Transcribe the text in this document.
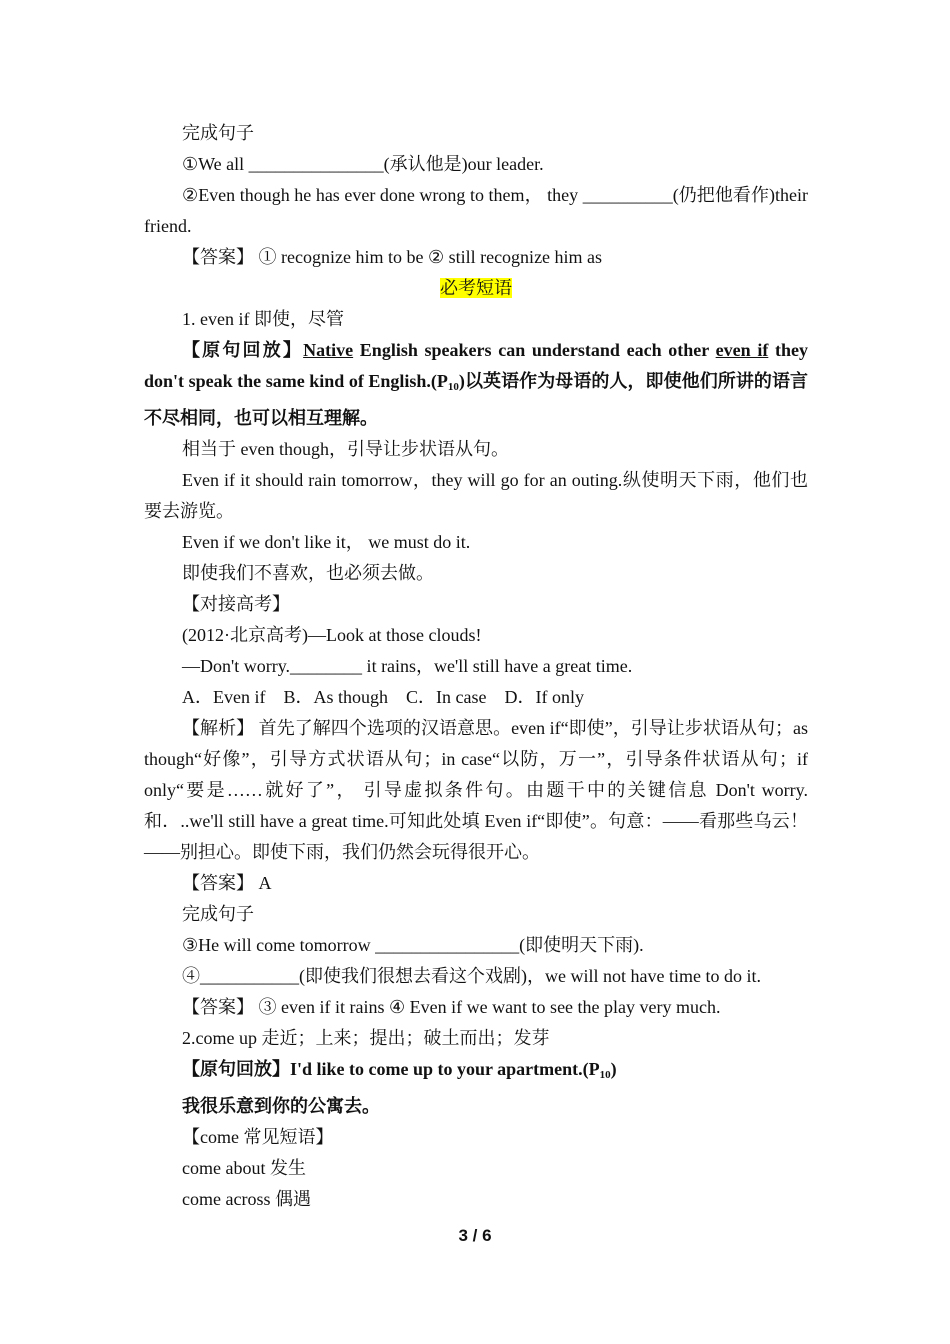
完成句子

①We all _______________(承认他是)our leader.

②Even though he has ever done wrong to them， they __________(仍把他看作)their friend.

【答案】 ① recognize him to be ② still recognize him as

必考短语

1. even if 即使，尽管

【原句回放】Native English speakers can understand each other even if they don't speak the same kind of $English.(P_{10})$以英语作为母语的人，即使他们所讲的语言不尽相同，也可以相互理解。

相当于 even though，引导让步状语从句。

Even if it should rain tomorrow，they will go for an outing.纵使明天下雨，他们也要去游览。

Even if we don't like it， we must do it.

即使我们不喜欢，也必须去做。

【对接高考】

(2012·北京高考)—Look at those clouds!

—Don't worry.________ it rains，we'll still have a great time.

A．Even if　B．As though　C．In case　D．If only

【解析】 首先了解四个选项的汉语意思。even if“即使”，引导让步状语从句；as though“好像”，引导方式状语从句；in case“以防，万一”，引导条件状语从句；if only“要是……就好了”， 引导虚拟条件句。由题干中的关键信息 Don't worry.和．..we'll still have a great time.可知此处填 Even if“即使”。句意：——看那些乌云！——别担心。即使下雨，我们仍然会玩得很开心。

【答案】 A

完成句子

③He will come tomorrow ________________(即使明天下雨).

④___________(即使我们很想去看这个戏剧)，we will not have time to do it.

【答案】 ③ even if it rains ④ Even if we want to see the play very much.

2.come up 走近；上来；提出；破土而出；发芽

【原句回放】I'd like to come up to your $apartment.(P_{10})$

我很乐意到你的公寓去。

【come 常见短语】

come about 发生

come across 偶遇

3 / 6
